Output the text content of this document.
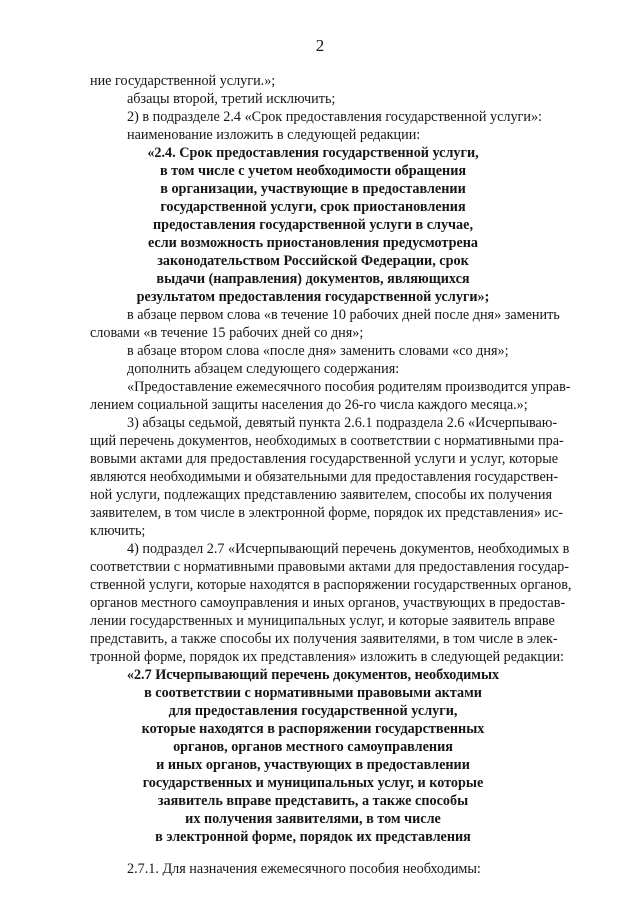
2
ние государственной услуги.»;
абзацы второй, третий исключить;
2) в подразделе 2.4 «Срок предоставления государственной услуги»:
наименование изложить в следующей редакции:
«2.4. Срок предоставления государственной услуги,
в том числе с учетом необходимости обращения
в организации, участвующие в предоставлении
государственной услуги, срок приостановления
предоставления государственной услуги в случае,
если возможность приостановления предусмотрена
законодательством Российской Федерации, срок
выдачи (направления) документов, являющихся
результатом предоставления государственной услуги»;
в абзаце первом слова «в течение 10 рабочих дней после дня» заменить
словами «в течение 15 рабочих дней со дня»;
в абзаце втором слова «после дня» заменить словами «со дня»;
дополнить абзацем следующего содержания:
«Предоставление ежемесячного пособия родителям производится управ-
лением социальной защиты населения до 26-го числа каждого месяца.»;
3) абзацы седьмой, девятый пункта 2.6.1 подраздела 2.6 «Исчерпываю-
щий перечень документов, необходимых в соответствии с нормативными пра-
вовыми актами для предоставления государственной услуги и услуг, которые
являются необходимыми и обязательными для предоставления государствен-
ной услуги, подлежащих представлению заявителем, способы их получения
заявителем, в том числе в электронной форме, порядок их представления» ис-
ключить;
4) подраздел 2.7 «Исчерпывающий перечень документов, необходимых в
соответствии с нормативными правовыми актами для предоставления государ-
ственной услуги, которые находятся в распоряжении государственных органов,
органов местного самоуправления и иных органов, участвующих в предостав-
лении государственных и муниципальных услуг, и которые заявитель вправе
представить, а также способы их получения заявителями, в том числе в элек-
тронной форме, порядок их представления» изложить в следующей редакции:
«2.7 Исчерпывающий перечень документов, необходимых
в соответствии с нормативными правовыми актами
для предоставления государственной услуги,
которые находятся в распоряжении государственных
органов, органов местного самоуправления
и иных органов, участвующих в предоставлении
государственных и муниципальных услуг, и которые
заявитель вправе представить, а также способы
их получения заявителями, в том числе
в электронной форме, порядок их представления
2.7.1. Для назначения ежемесячного пособия необходимы:
